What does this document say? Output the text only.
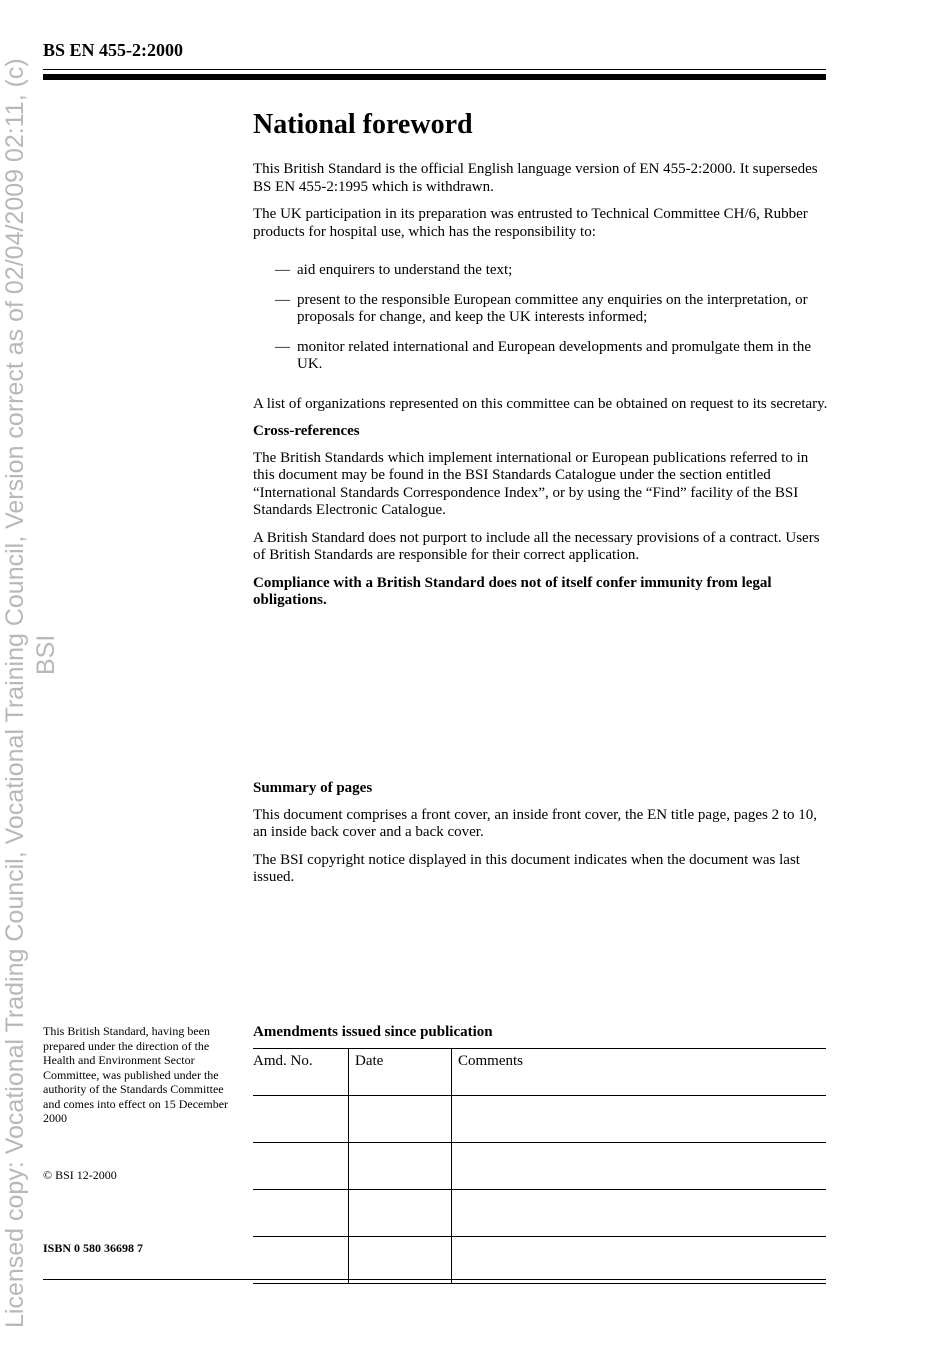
Licensed copy: Vocational Trading Council, Vocational Training Council, Version correct as of 02/04/2009 02:11, (c) BSI
BS EN 455-2:2000
National foreword

This British Standard is the official English language version of EN 455-2:2000. It supersedes BS EN 455-2:1995 which is withdrawn.

The UK participation in its preparation was entrusted to Technical Committee CH/6, Rubber products for hospital use, which has the responsibility to:

— aid enquirers to understand the text;
— present to the responsible European committee any enquiries on the interpretation, or proposals for change, and keep the UK interests informed;
— monitor related international and European developments and promulgate them in the UK.

A list of organizations represented on this committee can be obtained on request to its secretary.

Cross-references

The British Standards which implement international or European publications referred to in this document may be found in the BSI Standards Catalogue under the section entitled “International Standards Correspondence Index”, or by using the “Find” facility of the BSI Standards Electronic Catalogue.

A British Standard does not purport to include all the necessary provisions of a contract. Users of British Standards are responsible for their correct application.

Compliance with a British Standard does not of itself confer immunity from legal obligations.

Summary of pages

This document comprises a front cover, an inside front cover, the EN title page, pages 2 to 10, an inside back cover and a back cover.

The BSI copyright notice displayed in this document indicates when the document was last issued.

This British Standard, having been prepared under the direction of the Health and Environment Sector Committee, was published under the authority of the Standards Committee and comes into effect on 15 December 2000
© BSI 12-2000
ISBN 0 580 36698 7
Amendments issued since publication
Amd. No.	Date	Comments
